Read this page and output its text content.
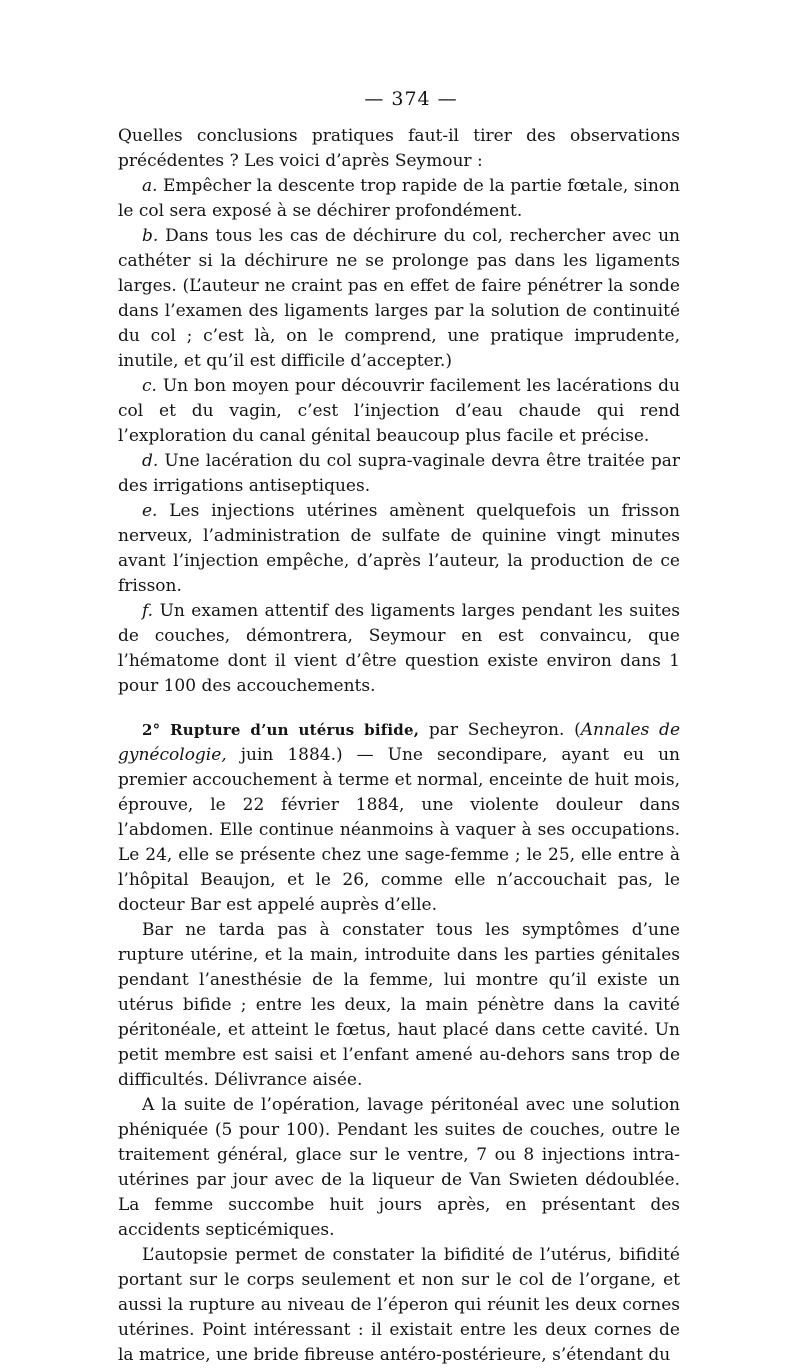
— 374 —

Quelles conclusions pratiques faut-il tirer des observations précédentes ? Les voici d’après Seymour :

a. Empêcher la descente trop rapide de la partie fœtale, sinon le col sera exposé à se déchirer profondément.

b. Dans tous les cas de déchirure du col, rechercher avec un cathéter si la déchirure ne se prolonge pas dans les ligaments larges. (L’auteur ne craint pas en effet de faire pénétrer la sonde dans l’examen des ligaments larges par la solution de continuité du col ; c’est là, on le comprend, une pratique imprudente, inutile, et qu’il est difficile d’accepter.)

c. Un bon moyen pour découvrir facilement les lacérations du col et du vagin, c’est l’injection d’eau chaude qui rend l’exploration du canal génital beaucoup plus facile et précise.

d. Une lacération du col supra-vaginale devra être traitée par des irrigations antiseptiques.

e. Les injections utérines amènent quelquefois un frisson nerveux, l’administration de sulfate de quinine vingt minutes avant l’injection empêche, d’après l’auteur, la production de ce frisson.

f. Un examen attentif des ligaments larges pendant les suites de couches, démontrera, Seymour en est convaincu, que l’hématome dont il vient d’être question existe environ dans 1 pour 100 des accouchements.

2° Rupture d’un utérus bifide, par Secheyron. (Annales de gynécologie, juin 1884.) — Une secondipare, ayant eu un premier accouchement à terme et normal, enceinte de huit mois, éprouve, le 22 février 1884, une violente douleur dans l’abdomen. Elle continue néanmoins à vaquer à ses occupations. Le 24, elle se présente chez une sage-femme ; le 25, elle entre à l’hôpital Beaujon, et le 26, comme elle n’accouchait pas, le docteur Bar est appelé auprès d’elle.

Bar ne tarda pas à constater tous les symptômes d’une rupture utérine, et la main, introduite dans les parties génitales pendant l’anesthésie de la femme, lui montre qu’il existe un utérus bifide ; entre les deux, la main pénètre dans la cavité péritonéale, et atteint le fœtus, haut placé dans cette cavité. Un petit membre est saisi et l’enfant amené au-dehors sans trop de difficultés. Délivrance aisée.

A la suite de l’opération, lavage péritonéal avec une solution phéniquée (5 pour 100). Pendant les suites de couches, outre le traitement général, glace sur le ventre, 7 ou 8 injections intra-utérines par jour avec de la liqueur de Van Swieten dédoublée. La femme succombe huit jours après, en présentant des accidents septicémiques.

L’autopsie permet de constater la bifidité de l’utérus, bifidité portant sur le corps seulement et non sur le col de l’organe, et aussi la rupture au niveau de l’éperon qui réunit les deux cornes utérines. Point intéressant : il existait entre les deux cornes de la matrice, une bride fibreuse antéro-postérieure, s’étendant du
